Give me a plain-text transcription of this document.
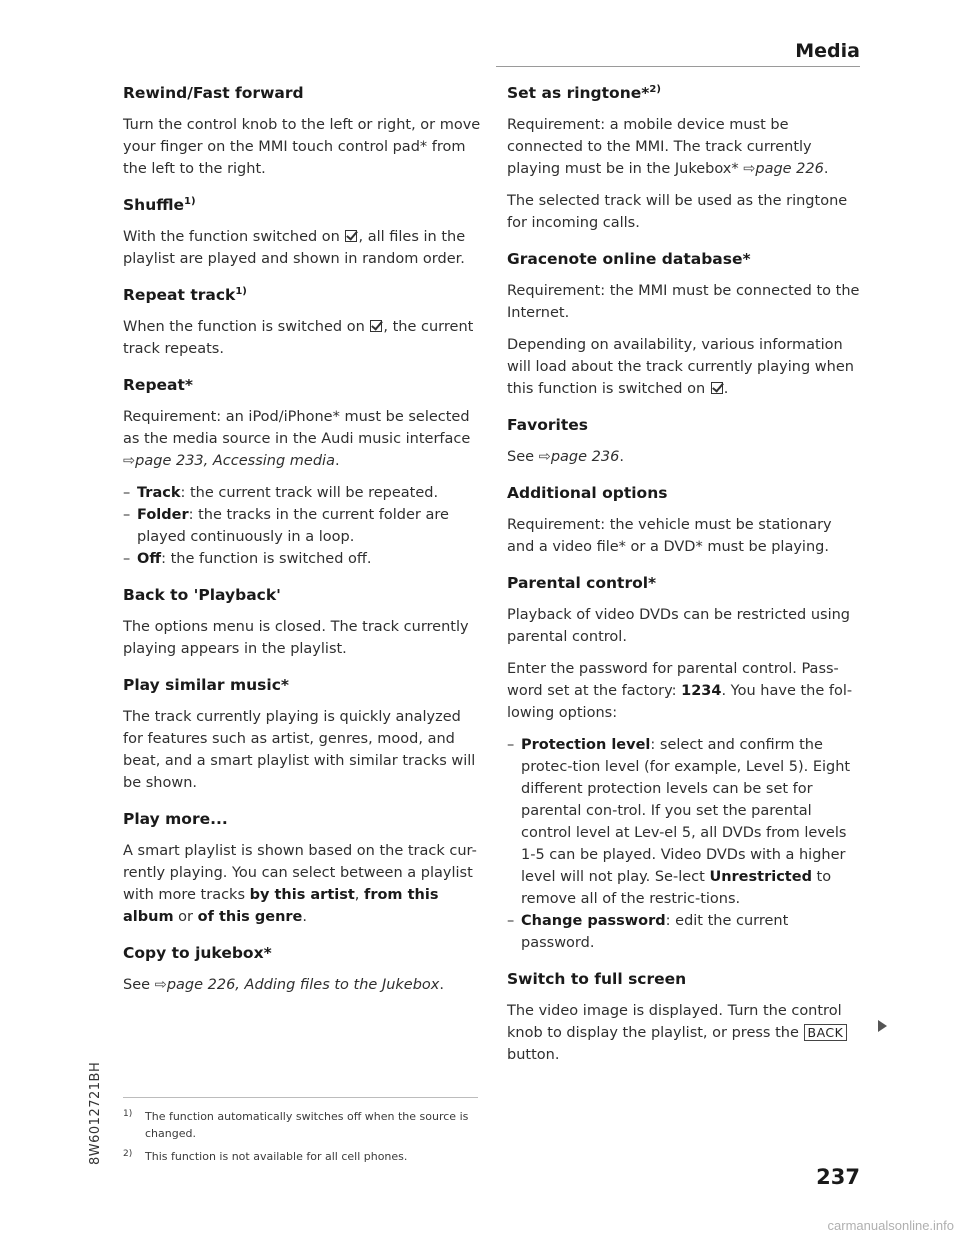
Media
Rewind/Fast forward

Turn the control knob to the left or right, or move your finger on the MMI touch control pad* from the left to the right.

Shuffle$^{1)}$

With the function switched on , all files in the playlist are played and shown in random order.

Repeat track$^{1)}$

When the function is switched on , the current track repeats.

Repeat*

Requirement: an iPod/iPhone* must be selected as the media source in the Audi music interface ⇨page 233, Accessing media.

– Track: the current track will be repeated.
– Folder: the tracks in the current folder are played continuously in a loop.
– Off: the function is switched off.
Back to 'Playback'

The options menu is closed. The track currently playing appears in the playlist.

Play similar music*

The track currently playing is quickly analyzed for features such as artist, genres, mood, and beat, and a smart playlist with similar tracks will be shown.

Play more...

A smart playlist is shown based on the track cur-rently playing. You can select between a playlist with more tracks by this artist, from this album or of this genre.

Copy to jukebox*

See ⇨page 226, Adding files to the Jukebox.

Set as ringtone*$^{2)}$

Requirement: a mobile device must be connected to the MMI. The track currently playing must be in the Jukebox* ⇨page 226.

The selected track will be used as the ringtone for incoming calls.

Gracenote online database*

Requirement: the MMI must be connected to the Internet.

Depending on availability, various information will load about the track currently playing when this function is switched on .

Favorites

See ⇨page 236.

Additional options

Requirement: the vehicle must be stationary and a video file* or a DVD* must be playing.

Parental control*

Playback of video DVDs can be restricted using parental control.

Enter the password for parental control. Pass-word set at the factory: 1234. You have the fol-lowing options:

– Protection level: select and confirm the protec-tion level (for example, Level 5). Eight different protection levels can be set for parental con-trol. If you set the parental control level at Lev-el 5, all DVDs from levels 1-5 can be played. Video DVDs with a higher level will not play. Se-lect Unrestricted to remove all of the restric-tions.
– Change password: edit the current password.
Switch to full screen

The video image is displayed. Turn the control knob to display the playlist, or press the BACK button.

1) The function automatically switches off when the source is changed.
2) This function is not available for all cell phones.
8W6012721BH
237
carmanualsonline.info
